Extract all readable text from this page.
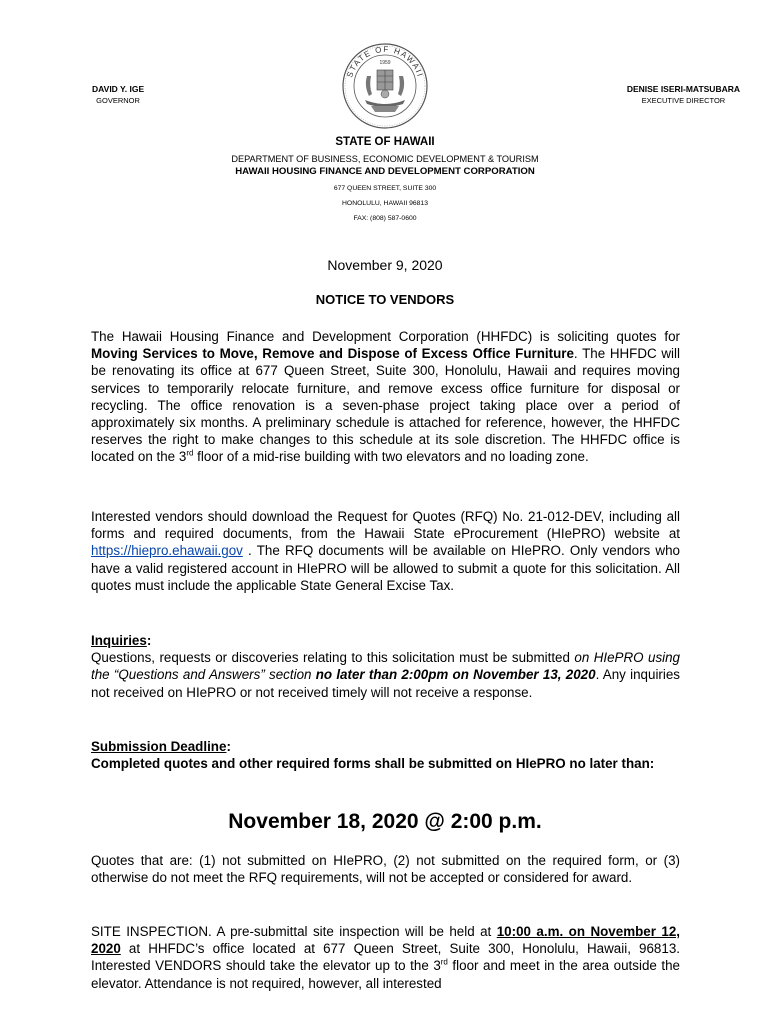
DAVID Y. IGE
GOVERNOR
STATE OF HAWAII
1959
DENISE ISERI-MATSUBARA
EXECUTIVE DIRECTOR
STATE OF HAWAII
DEPARTMENT OF BUSINESS, ECONOMIC DEVELOPMENT & TOURISM
HAWAII HOUSING FINANCE AND DEVELOPMENT CORPORATION
677 QUEEN STREET, SUITE 300
HONOLULU, HAWAII 96813
FAX: (808) 587-0600
November 9, 2020
NOTICE TO VENDORS
The Hawaii Housing Finance and Development Corporation (HHFDC) is soliciting quotes for Moving Services to Move, Remove and Dispose of Excess Office Furniture. The HHFDC will be renovating its office at 677 Queen Street, Suite 300, Honolulu, Hawaii and requires moving services to temporarily relocate furniture, and remove excess office furniture for disposal or recycling. The office renovation is a seven-phase project taking place over a period of approximately six months. A preliminary schedule is attached for reference, however, the HHFDC reserves the right to make changes to this schedule at its sole discretion. The HHFDC office is located on the 3rd floor of a mid-rise building with two elevators and no loading zone.
Interested vendors should download the Request for Quotes (RFQ) No. 21-012-DEV, including all forms and required documents, from the Hawaii State eProcurement (HIePRO) website at https://hiepro.ehawaii.gov . The RFQ documents will be available on HIePRO. Only vendors who have a valid registered account in HIePRO will be allowed to submit a quote for this solicitation. All quotes must include the applicable State General Excise Tax.
Inquiries:
Questions, requests or discoveries relating to this solicitation must be submitted on HIePRO using the “Questions and Answers” section no later than 2:00pm on November 13, 2020. Any inquiries not received on HIePRO or not received timely will not receive a response.
Submission Deadline:
Completed quotes and other required forms shall be submitted on HIePRO no later than:
November 18, 2020 @ 2:00 p.m.
Quotes that are: (1) not submitted on HIePRO, (2) not submitted on the required form, or (3) otherwise do not meet the RFQ requirements, will not be accepted or considered for award.
SITE INSPECTION. A pre-submittal site inspection will be held at 10:00 a.m. on November 12, 2020 at HHFDC’s office located at 677 Queen Street, Suite 300, Honolulu, Hawaii, 96813. Interested VENDORS should take the elevator up to the 3rd floor and meet in the area outside the elevator. Attendance is not required, however, all interested
